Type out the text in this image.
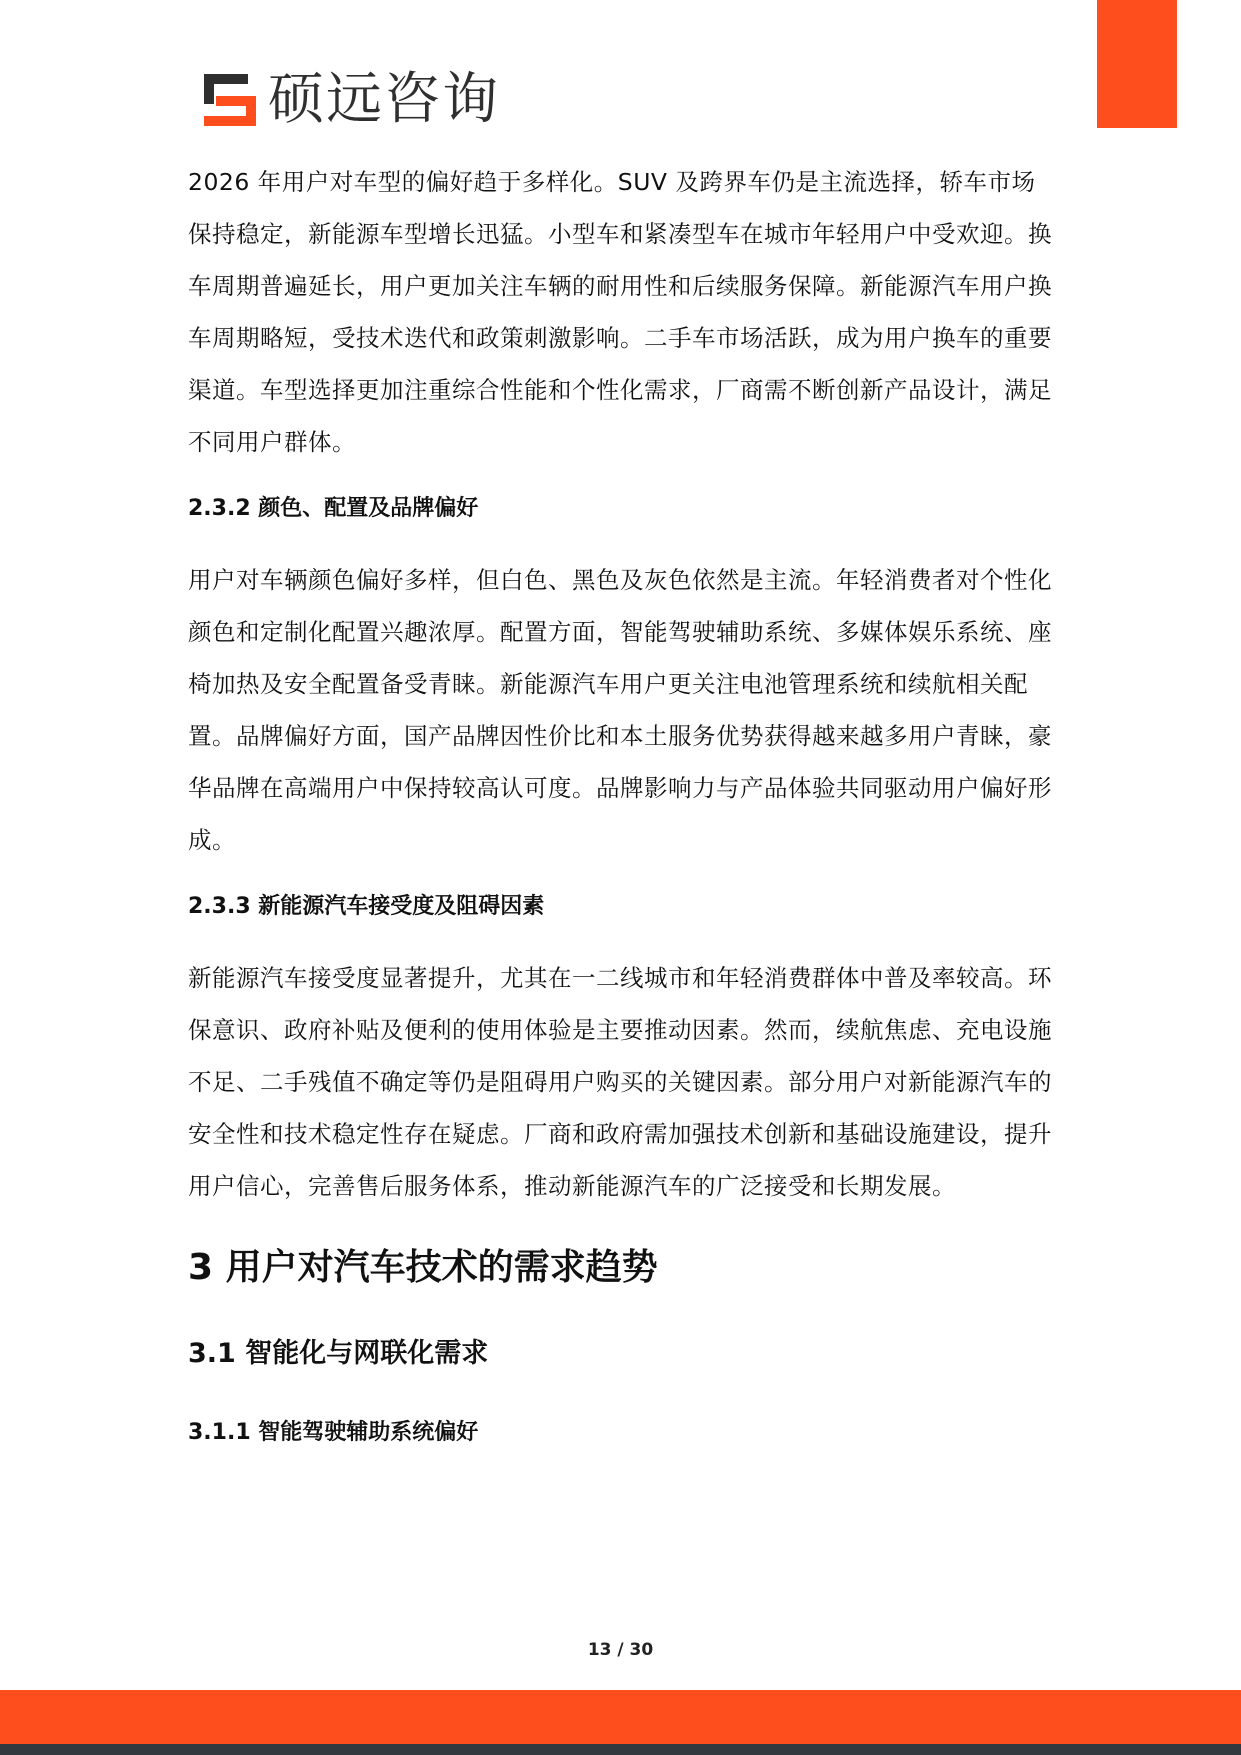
硕远咨询

2026 年用户对车型的偏好趋于多样化。SUV 及跨界车仍是主流选择，轿车市场保持稳定，新能源车型增长迅猛。小型车和紧凑型车在城市年轻用户中受欢迎。换车周期普遍延长，用户更加关注车辆的耐用性和后续服务保障。新能源汽车用户换车周期略短，受技术迭代和政策刺激影响。二手车市场活跃，成为用户换车的重要渠道。车型选择更加注重综合性能和个性化需求，厂商需不断创新产品设计，满足不同用户群体。

2.3.2 颜色、配置及品牌偏好

用户对车辆颜色偏好多样，但白色、黑色及灰色依然是主流。年轻消费者对个性化颜色和定制化配置兴趣浓厚。配置方面，智能驾驶辅助系统、多媒体娱乐系统、座椅加热及安全配置备受青睐。新能源汽车用户更关注电池管理系统和续航相关配置。品牌偏好方面，国产品牌因性价比和本土服务优势获得越来越多用户青睐，豪华品牌在高端用户中保持较高认可度。品牌影响力与产品体验共同驱动用户偏好形成。

2.3.3 新能源汽车接受度及阻碍因素

新能源汽车接受度显著提升，尤其在一二线城市和年轻消费群体中普及率较高。环保意识、政府补贴及便利的使用体验是主要推动因素。然而，续航焦虑、充电设施不足、二手残值不确定等仍是阻碍用户购买的关键因素。部分用户对新能源汽车的安全性和技术稳定性存在疑虑。厂商和政府需加强技术创新和基础设施建设，提升用户信心，完善售后服务体系，推动新能源汽车的广泛接受和长期发展。

3 用户对汽车技术的需求趋势
3.1 智能化与网联化需求
3.1.1 智能驾驶辅助系统偏好
13 / 30
